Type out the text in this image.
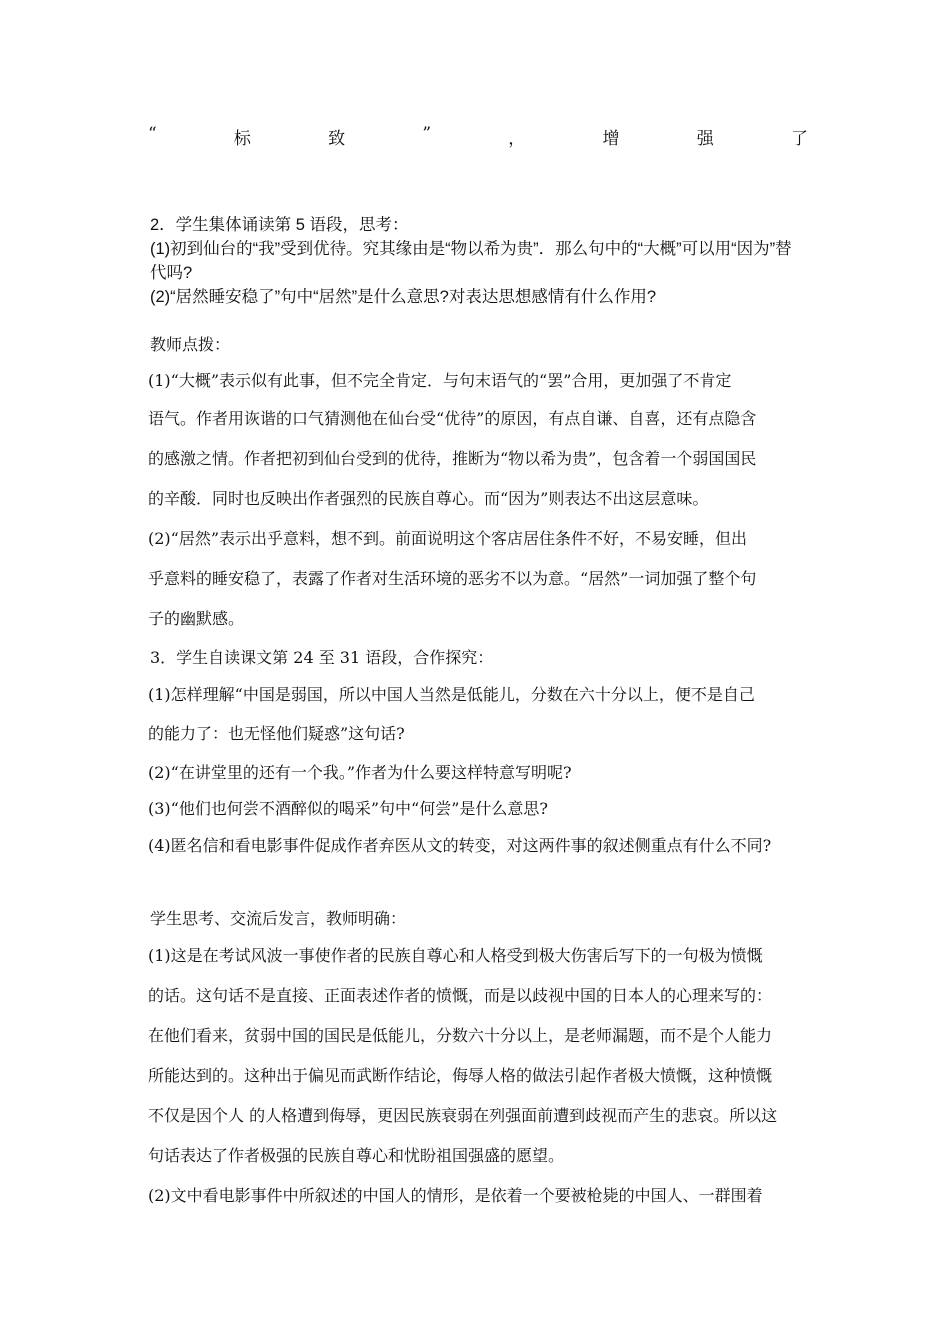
“	标	致	”	，	增	强	了
2．学生集体诵读第 5 语段，思考：
(1)初到仙台的“我”受到优待。究其缘由是“物以希为贵”．那么句中的“大概”可以用“因为”替
代吗?
(2)“居然睡安稳了”句中“居然”是什么意思?对表达思想感情有什么作用?
教师点拨：
(1)“大概”表示似有此事，但不完全肯定．与句末语气的“罢”合用，更加强了不肯定
语气。作者用诙谐的口气猜测他在仙台受“优待”的原因，有点自谦、自喜，还有点隐含
的感激之情。作者把初到仙台受到的优待，推断为“物以希为贵”，包含着一个弱国国民
的辛酸．同时也反映出作者强烈的民族自尊心。而“因为”则表达不出这层意味。
(2)“居然”表示出乎意料，想不到。前面说明这个客店居住条件不好，不易安睡，但出
乎意料的睡安稳了，表露了作者对生活环境的恶劣不以为意。“居然”一词加强了整个句
子的幽默感。
3．学生自读课文第 24 至 31 语段，合作探究：
(1)怎样理解“中国是弱国，所以中国人当然是低能儿，分数在六十分以上，便不是自己
的能力了：也无怪他们疑惑”这句话?
(2)“在讲堂里的还有一个我。”作者为什么要这样特意写明呢?
(3)“他们也何尝不酒醉似的喝采”句中“何尝”是什么意思?
(4)匿名信和看电影事件促成作者弃医从文的转变，对这两件事的叙述侧重点有什么不同?
学生思考、交流后发言，教师明确：
(1)这是在考试风波一事使作者的民族自尊心和人格受到极大伤害后写下的一句极为愤慨
的话。这句话不是直接、正面表述作者的愤慨，而是以歧视中国的日本人的心理来写的：
在他们看来，贫弱中国的国民是低能儿，分数六十分以上，是老师漏题，而不是个人能力
所能达到的。这种出于偏见而武断作结论，侮辱人格的做法引起作者极大愤慨，这种愤慨
不仅是因个人 的人格遭到侮辱，更因民族衰弱在列强面前遭到歧视而产生的悲哀。所以这
句话表达了作者极强的民族自尊心和忧盼祖国强盛的愿望。
(2)文中看电影事件中所叙述的中国人的情形，是依着一个要被枪毙的中国人、一群围着
